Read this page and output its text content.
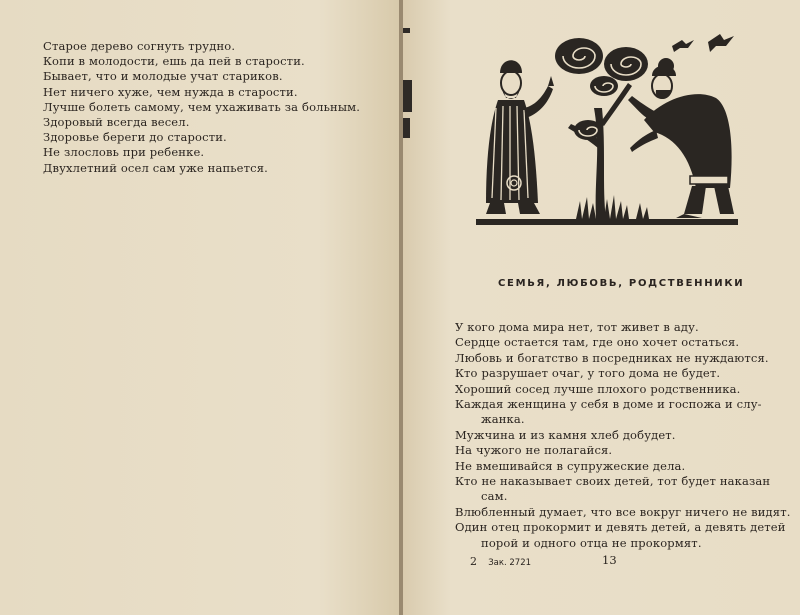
Старое дерево согнуть трудно.
Копи в молодости, ешь да пей в старости.
Бывает, что и молодые учат стариков.
Нет ничего хуже, чем нужда в старости.
Лучше болеть самому, чем ухаживать за больным.
Здоровый всегда весел.
Здоровье береги до старости.
Не злословь при ребенке.
Двухлетний осел сам уже напьется.
СЕМЬЯ, ЛЮБОВЬ, РОДСТВЕННИКИ
У кого дома мира нет, тот живет в аду.
Сердце остается там, где оно хочет остаться.
Любовь и богатство в посредниках не нуждаются.
Кто разрушает очаг, у того дома не будет.
Хороший сосед лучше плохого родственника.
Каждая женщина у себя в доме и госпожа и слу-
жанка.
Мужчина и из камня хлеб добудет.
На чужого не полагайся.
Не вмешивайся в супружеские дела.
Кто не наказывает своих детей, тот будет наказан
сам.
Влюбленный думает, что все вокруг ничего не видят.
Один отец прокормит и девять детей, а девять детей
порой и одного отца не прокормят.
2 Зак. 2721	13
